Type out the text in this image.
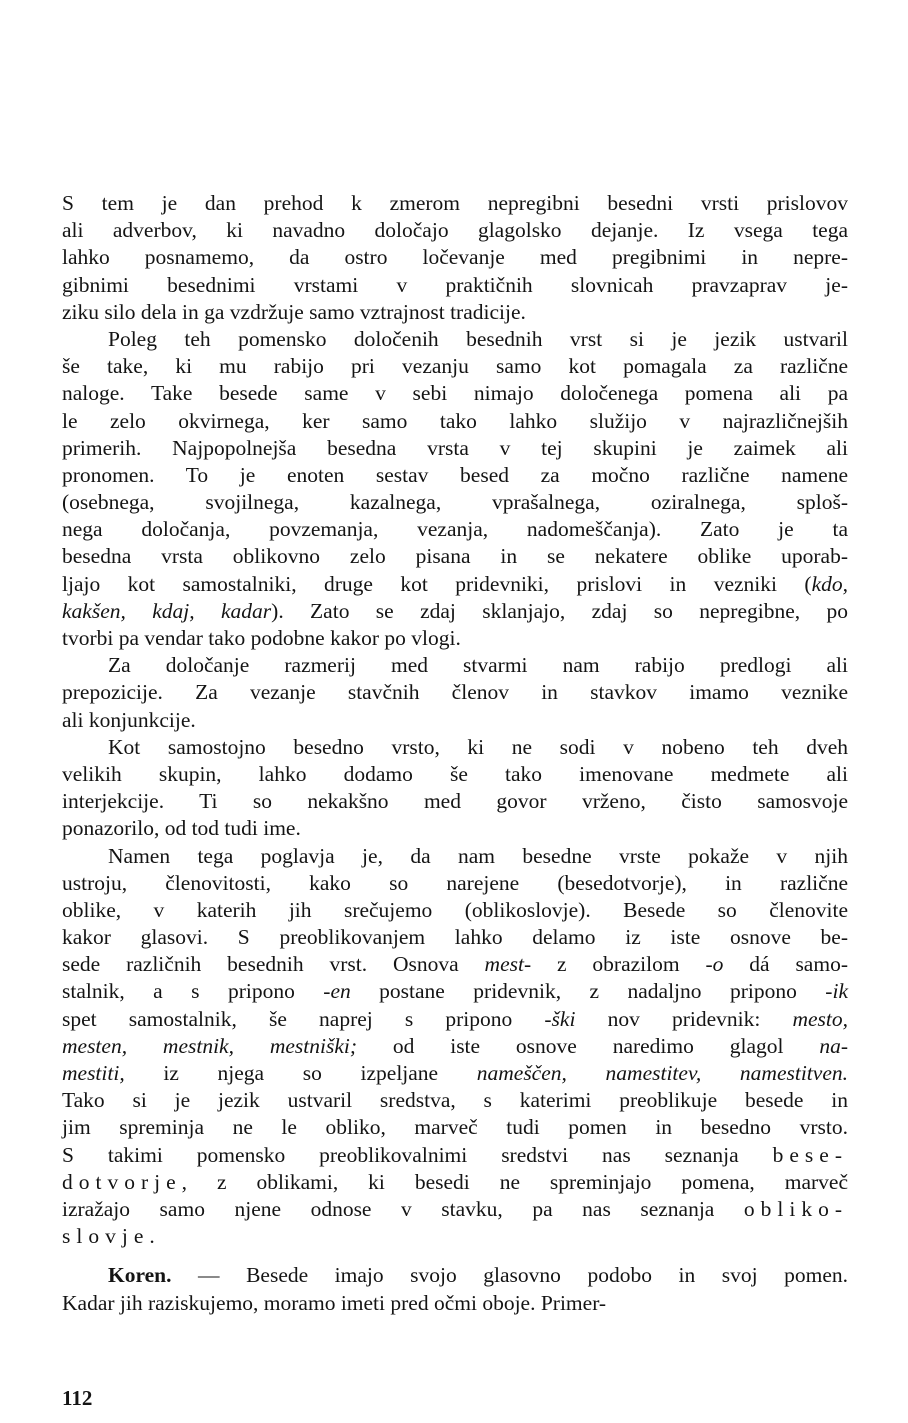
S tem je dan prehod k zmerom nepregibni besedni vrsti prislovov
ali adverbov, ki navadno določajo glagolsko dejanje. Iz vsega tega
lahko posnamemo, da ostro ločevanje med pregibnimi in nepre-
gibnimi besednimi vrstami v praktičnih slovnicah pravzaprav je-
ziku silo dela in ga vzdržuje samo vztrajnost tradicije.
Poleg teh pomensko določenih besednih vrst si je jezik ustvaril
še take, ki mu rabijo pri vezanju samo kot pomagala za različne
naloge. Take besede same v sebi nimajo določenega pomena ali pa
le zelo okvirnega, ker samo tako lahko služijo v najrazličnejših
primerih. Najpopolnejša besedna vrsta v tej skupini je zaimek ali
pronomen. To je enoten sestav besed za močno različne namene
(osebnega, svojilnega, kazalnega, vprašalnega, oziralnega, sploš-
nega določanja, povzemanja, vezanja, nadomeščanja). Zato je ta
besedna vrsta oblikovno zelo pisana in se nekatere oblike uporab-
ljajo kot samostalniki, druge kot pridevniki, prislovi in vezniki (kdo,
kakšen, kdaj, kadar). Zato se zdaj sklanjajo, zdaj so nepregibne, po
tvorbi pa vendar tako podobne kakor po vlogi.
Za določanje razmerij med stvarmi nam rabijo predlogi ali
prepozicije. Za vezanje stavčnih členov in stavkov imamo veznike
ali konjunkcije.
Kot samostojno besedno vrsto, ki ne sodi v nobeno teh dveh
velikih skupin, lahko dodamo še tako imenovane medmete ali
interjekcije. Ti so nekakšno med govor vrženo, čisto samosvoje
ponazorilo, od tod tudi ime.
Namen tega poglavja je, da nam besedne vrste pokaže v njih
ustroju, členovitosti, kako so narejene (besedotvorje), in različne
oblike, v katerih jih srečujemo (oblikoslovje). Besede so členovite
kakor glasovi. S preoblikovanjem lahko delamo iz iste osnove be-
sede različnih besednih vrst. Osnova mest- z obrazilom -o dá samo-
stalnik, a s pripono -en postane pridevnik, z nadaljno pripono -ik
spet samostalnik, še naprej s pripono -ški nov pridevnik: mesto,
mesten, mestnik, mestniški; od iste osnove naredimo glagol na-
mestiti, iz njega so izpeljane nameščen, namestitev, namestitven.
Tako si je jezik ustvaril sredstva, s katerimi preoblikuje besede in
jim spreminja ne le obliko, marveč tudi pomen in besedno vrsto.
S takimi pomensko preoblikovalnimi sredstvi nas seznanja bese-
dotvorje, z oblikami, ki besedi ne spreminjajo pomena, marveč
izražajo samo njene odnose v stavku, pa nas seznanja obliko-
slovje.
Koren. — Besede imajo svojo glasovno podobo in svoj pomen.
Kadar jih raziskujemo, moramo imeti pred očmi oboje. Primer-
112
